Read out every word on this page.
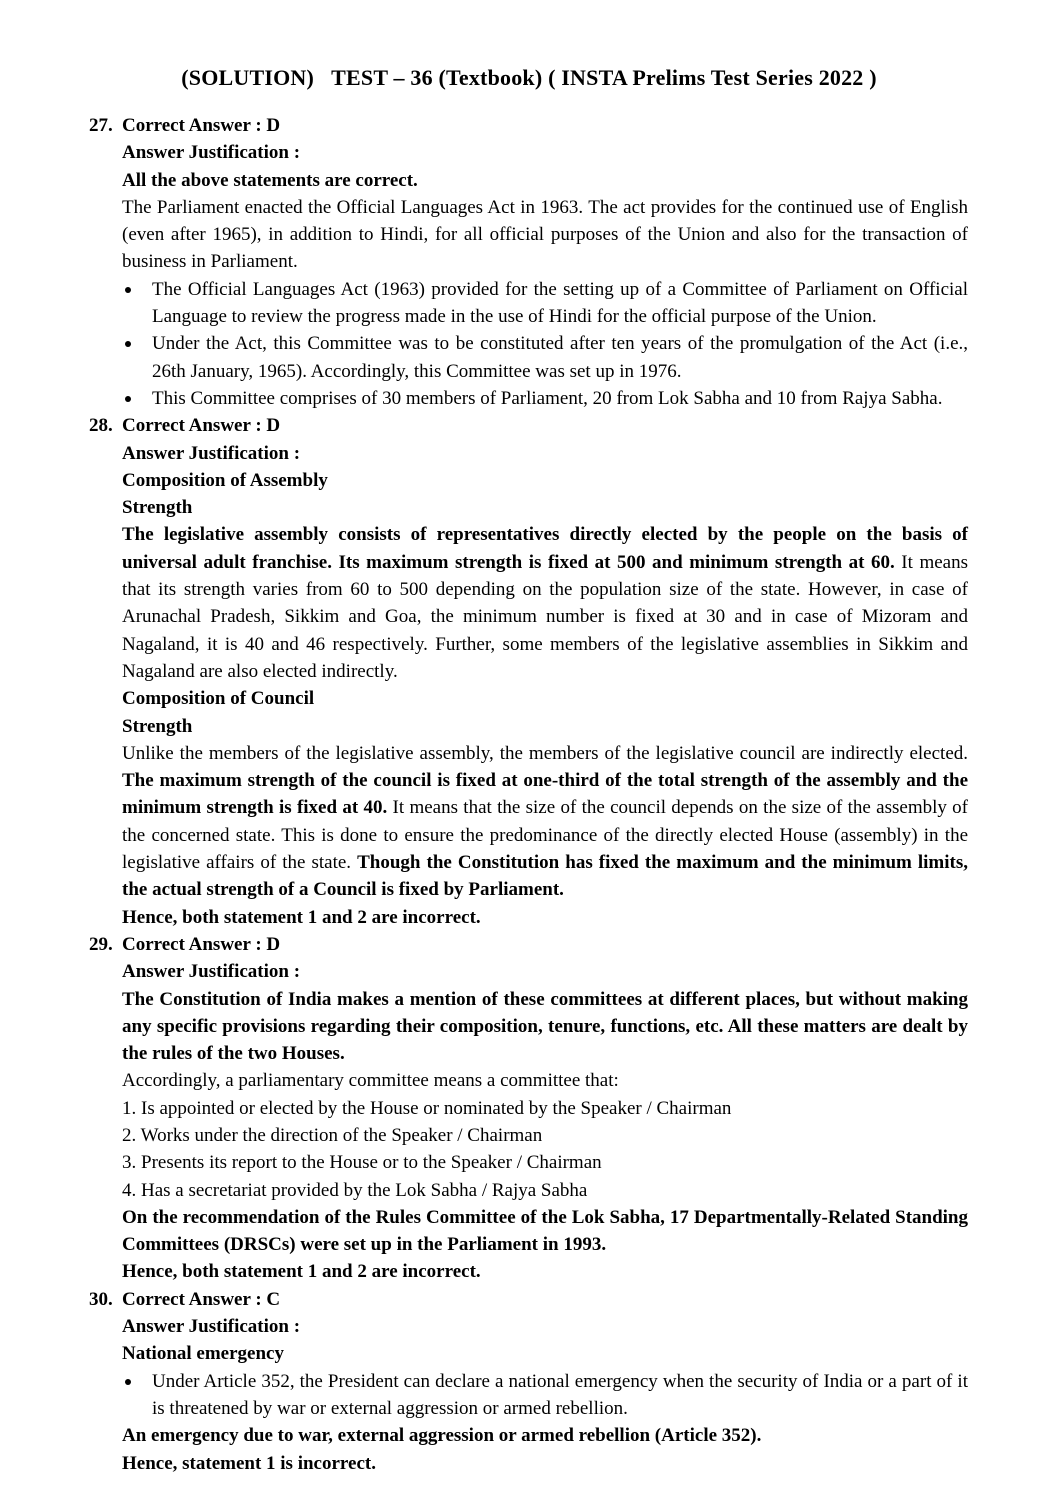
(SOLUTION)   TEST – 36 (Textbook) ( INSTA Prelims Test Series 2022 )
27. Correct Answer : D
Answer Justification :
All the above statements are correct.
The Parliament enacted the Official Languages Act in 1963. The act provides for the continued use of English (even after 1965), in addition to Hindi, for all official purposes of the Union and also for the transaction of business in Parliament.
The Official Languages Act (1963) provided for the setting up of a Committee of Parliament on Official Language to review the progress made in the use of Hindi for the official purpose of the Union.
Under the Act, this Committee was to be constituted after ten years of the promulgation of the Act (i.e., 26th January, 1965). Accordingly, this Committee was set up in 1976.
This Committee comprises of 30 members of Parliament, 20 from Lok Sabha and 10 from Rajya Sabha.
28. Correct Answer : D
Answer Justification :
Composition of Assembly
Strength
The legislative assembly consists of representatives directly elected by the people on the basis of universal adult franchise. Its maximum strength is fixed at 500 and minimum strength at 60. It means that its strength varies from 60 to 500 depending on the population size of the state. However, in case of Arunachal Pradesh, Sikkim and Goa, the minimum number is fixed at 30 and in case of Mizoram and Nagaland, it is 40 and 46 respectively. Further, some members of the legislative assemblies in Sikkim and Nagaland are also elected indirectly.
Composition of Council
Strength
Unlike the members of the legislative assembly, the members of the legislative council are indirectly elected. The maximum strength of the council is fixed at one-third of the total strength of the assembly and the minimum strength is fixed at 40. It means that the size of the council depends on the size of the assembly of the concerned state. This is done to ensure the predominance of the directly elected House (assembly) in the legislative affairs of the state. Though the Constitution has fixed the maximum and the minimum limits, the actual strength of a Council is fixed by Parliament.
Hence, both statement 1 and 2 are incorrect.
29. Correct Answer : D
Answer Justification :
The Constitution of India makes a mention of these committees at different places, but without making any specific provisions regarding their composition, tenure, functions, etc. All these matters are dealt by the rules of the two Houses.
Accordingly, a parliamentary committee means a committee that:
1. Is appointed or elected by the House or nominated by the Speaker / Chairman
2. Works under the direction of the Speaker / Chairman
3. Presents its report to the House or to the Speaker / Chairman
4. Has a secretariat provided by the Lok Sabha / Rajya Sabha
On the recommendation of the Rules Committee of the Lok Sabha, 17 Departmentally-Related Standing Committees (DRSCs) were set up in the Parliament in 1993.
Hence, both statement 1 and 2 are incorrect.
30. Correct Answer : C
Answer Justification :
National emergency
Under Article 352, the President can declare a national emergency when the security of India or a part of it is threatened by war or external aggression or armed rebellion.
An emergency due to war, external aggression or armed rebellion (Article 352).
Hence, statement 1 is incorrect.
